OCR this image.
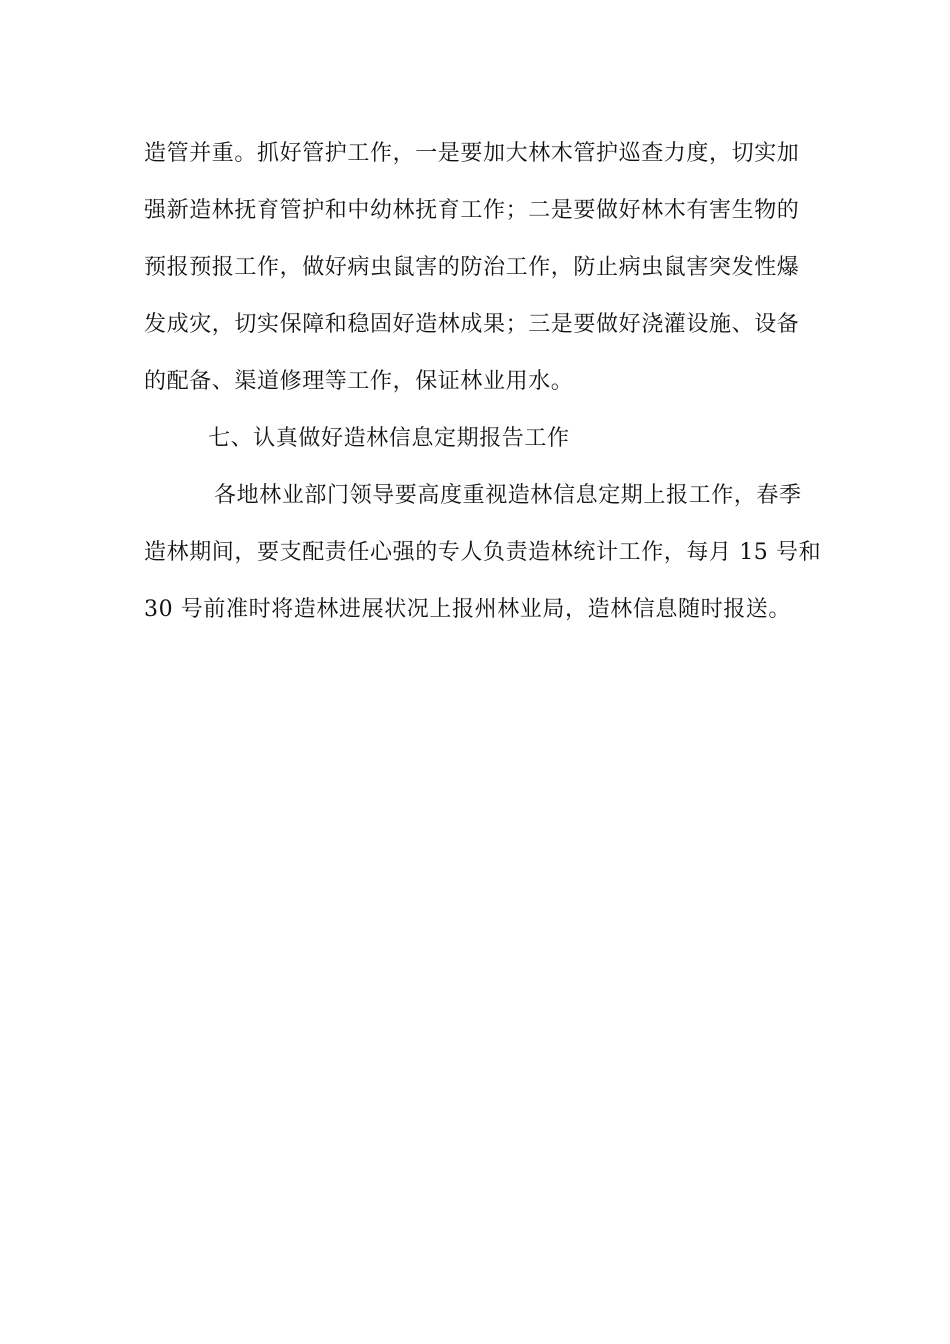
造管并重。抓好管护工作，一是要加大林木管护巡查力度，切实加
强新造林抚育管护和中幼林抚育工作；二是要做好林木有害生物的
预报预报工作，做好病虫鼠害的防治工作，防止病虫鼠害突发性爆
发成灾，切实保障和稳固好造林成果；三是要做好浇灌设施、设备
的配备、渠道修理等工作，保证林业用水。
七、认真做好造林信息定期报告工作
各地林业部门领导要高度重视造林信息定期上报工作，春季
造林期间，要支配责任心强的专人负责造林统计工作，每月 15 号和
30 号前准时将造林进展状况上报州林业局，造林信息随时报送。
